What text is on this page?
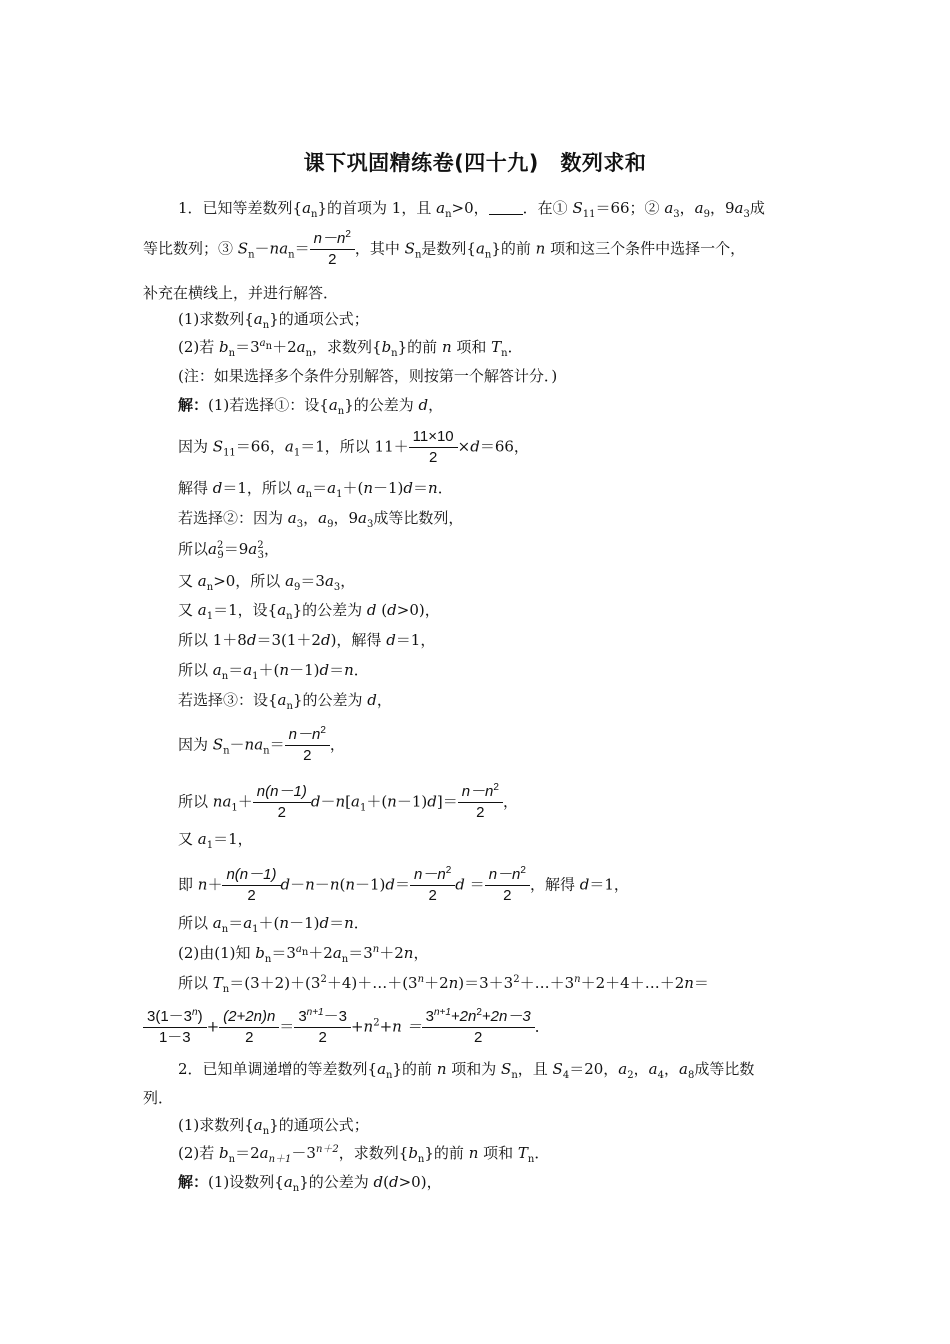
课下巩固精练卷(四十九)　数列求和
1．已知等差数列$\{a_n\}$的首项为 1，且 $a_n>0$， ．在① $S_{11}=66$；② $a_3$，$a_9$，$9a_3$成
等比数列；③ $S_n-na_n= \frac{n-n^2}{2}$ ，其中 $S_n$是数列$\{a_n\}$的前 n 项和这三个条件中选择一个，
补充在横线上，并进行解答．
(1)求数列$\{a_n\}$的通项公式；
(2)若 $b_n=3^{a_n}+2a_n$，求数列$\{b_n\}$的前 n 项和 $T_n$．
(注：如果选择多个条件分别解答，则按第一个解答计分．)
解：(1)若选择①：设$\{a_n\}$的公差为 d，
因为 $S_{11}=66$，$a_1=1$，所以 $11+ \frac{11\times 10}{2} \times d=66$，
解得 d＝1，所以 $a_n=a_1+(n-1)d=n$．
若选择②：因为 $a_3$，$a_9$，$9a_3$成等比数列，
所以$a^2_9=9a^2_3$，
又 $a_n>0$，所以 $a_9=3a_3$，
又 $a_1=1$，设$\{a_n\}$的公差为 d (d>0)，
所以 1＋8d＝3(1＋2d)，解得 d＝1，
所以 $a_n=a_1+(n-1)d=n$．
若选择③：设$\{a_n\}$的公差为 d，
因为 $S_n-na_n= \frac{n-n^2}{2}$ ，
所以 $na_1+ \frac{n(n-1)}{2} d-n[a_1+(n-1)d]= \frac{n-n^2}{2}$ ，
又 $a_1=1$，
即 $n+ \frac{n(n-1)}{2} d-n-n(n-1)d= \frac{n-n^2}{2}$ $d = \frac{n-n^2}{2}$ ，解得 d＝1，
所以 $a_n=a_1+(n-1)d=n$．
(2)由(1)知 $b_n=3^{a_n}+2a_n=3^n+2n$，
所以 $T_n=(3+2)+(3^2+4)+\dots+(3^n+2n)=3+3^2+\dots+3^n+2+4+\dots+2n=$
$\frac{3(1-3^n)}{1-3} + \frac{(2+2n)n}{2} = \frac{3^{n+1}-3}{2} +n^2+n = \frac{3^{n+1}+2n^2+2n-3}{2}$ ．
2．已知单调递增的等差数列$\{a_n\}$的前 n 项和为 $S_n$，且 $S_4=20$，$a_2$，$a_4$，$a_8$成等比数
列．
(1)求数列$\{a_n\}$的通项公式；
(2)若 $b_n=2a_{n+1}-3^{n+2}$，求数列$\{b_n\}$的前 n 项和 $T_n$．
解：(1)设数列$\{a_n\}$的公差为 d(d>0)，
